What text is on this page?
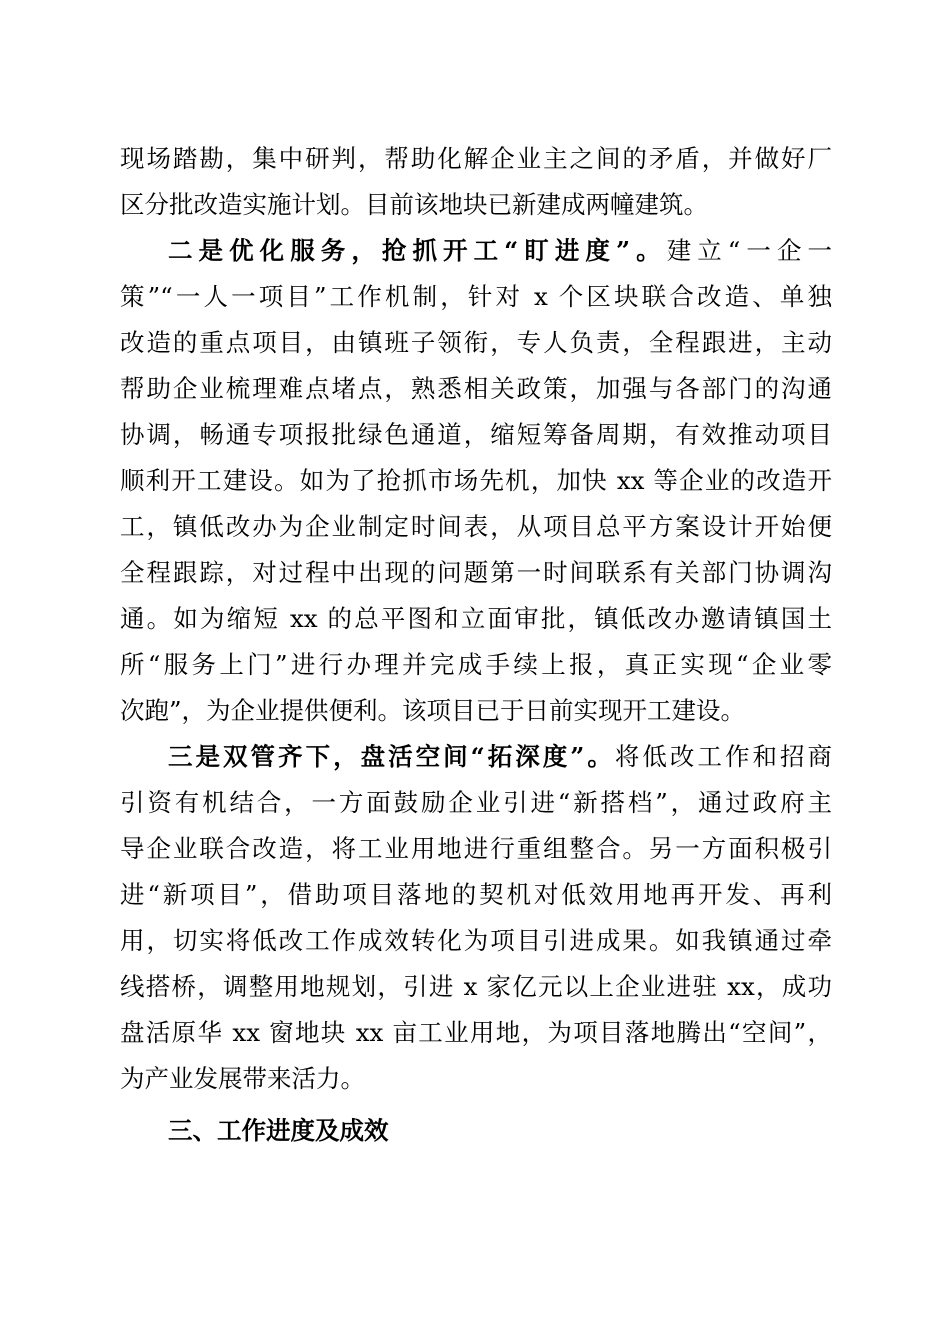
现场踏勘，集中研判，帮助化解企业主之间的矛盾，并做好厂
区分批改造实施计划。目前该地块已新建成两幢建筑。
二是优化服务，抢抓开工“盯进度”。建立“一企一
策”“一人一项目”工作机制，针对 x 个区块联合改造、单独
改造的重点项目，由镇班子领衔，专人负责，全程跟进，主动
帮助企业梳理难点堵点，熟悉相关政策，加强与各部门的沟通
协调，畅通专项报批绿色通道，缩短筹备周期，有效推动项目
顺利开工建设。如为了抢抓市场先机，加快 xx 等企业的改造开
工，镇低改办为企业制定时间表，从项目总平方案设计开始便
全程跟踪，对过程中出现的问题第一时间联系有关部门协调沟
通。如为缩短 xx 的总平图和立面审批，镇低改办邀请镇国土
所“服务上门”进行办理并完成手续上报，真正实现“企业零
次跑”，为企业提供便利。该项目已于日前实现开工建设。
三是双管齐下，盘活空间“拓深度”。将低改工作和招商
引资有机结合，一方面鼓励企业引进“新搭档”，通过政府主
导企业联合改造，将工业用地进行重组整合。另一方面积极引
进“新项目”，借助项目落地的契机对低效用地再开发、再利
用，切实将低改工作成效转化为项目引进成果。如我镇通过牵
线搭桥，调整用地规划，引进 x 家亿元以上企业进驻 xx，成功
盘活原华 xx 窗地块 xx 亩工业用地，为项目落地腾出“空间”，
为产业发展带来活力。
三、工作进度及成效
